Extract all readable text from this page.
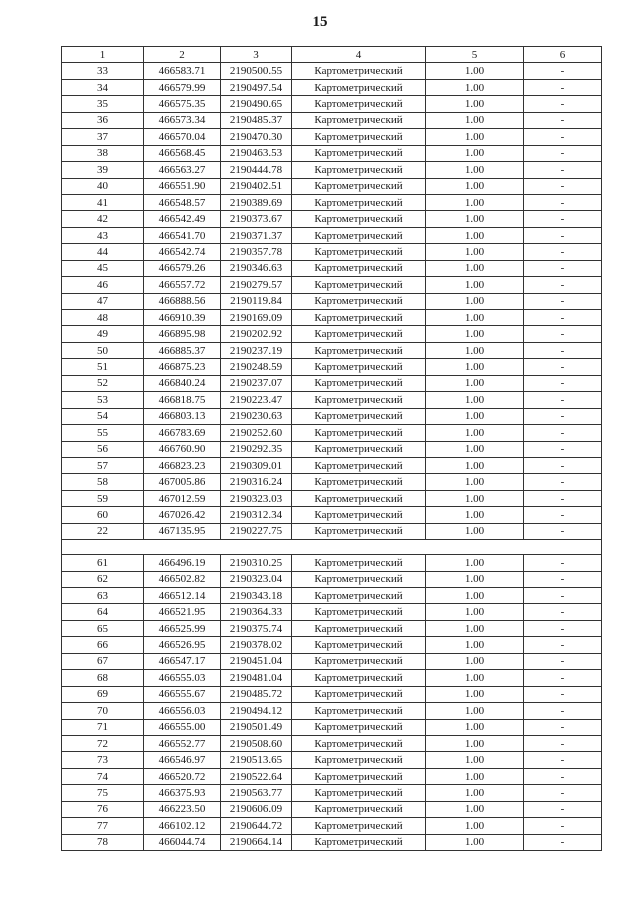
15
1	2	3	4	5	6
33	466583.71	2190500.55	Картометрический	1.00	-
34	466579.99	2190497.54	Картометрический	1.00	-
35	466575.35	2190490.65	Картометрический	1.00	-
36	466573.34	2190485.37	Картометрический	1.00	-
37	466570.04	2190470.30	Картометрический	1.00	-
38	466568.45	2190463.53	Картометрический	1.00	-
39	466563.27	2190444.78	Картометрический	1.00	-
40	466551.90	2190402.51	Картометрический	1.00	-
41	466548.57	2190389.69	Картометрический	1.00	-
42	466542.49	2190373.67	Картометрический	1.00	-
43	466541.70	2190371.37	Картометрический	1.00	-
44	466542.74	2190357.78	Картометрический	1.00	-
45	466579.26	2190346.63	Картометрический	1.00	-
46	466557.72	2190279.57	Картометрический	1.00	-
47	466888.56	2190119.84	Картометрический	1.00	-
48	466910.39	2190169.09	Картометрический	1.00	-
49	466895.98	2190202.92	Картометрический	1.00	-
50	466885.37	2190237.19	Картометрический	1.00	-
51	466875.23	2190248.59	Картометрический	1.00	-
52	466840.24	2190237.07	Картометрический	1.00	-
53	466818.75	2190223.47	Картометрический	1.00	-
54	466803.13	2190230.63	Картометрический	1.00	-
55	466783.69	2190252.60	Картометрический	1.00	-
56	466760.90	2190292.35	Картометрический	1.00	-
57	466823.23	2190309.01	Картометрический	1.00	-
58	467005.86	2190316.24	Картометрический	1.00	-
59	467012.59	2190323.03	Картометрический	1.00	-
60	467026.42	2190312.34	Картометрический	1.00	-
22	467135.95	2190227.75	Картометрический	1.00	-

61	466496.19	2190310.25	Картометрический	1.00	-
62	466502.82	2190323.04	Картометрический	1.00	-
63	466512.14	2190343.18	Картометрический	1.00	-
64	466521.95	2190364.33	Картометрический	1.00	-
65	466525.99	2190375.74	Картометрический	1.00	-
66	466526.95	2190378.02	Картометрический	1.00	-
67	466547.17	2190451.04	Картометрический	1.00	-
68	466555.03	2190481.04	Картометрический	1.00	-
69	466555.67	2190485.72	Картометрический	1.00	-
70	466556.03	2190494.12	Картометрический	1.00	-
71	466555.00	2190501.49	Картометрический	1.00	-
72	466552.77	2190508.60	Картометрический	1.00	-
73	466546.97	2190513.65	Картометрический	1.00	-
74	466520.72	2190522.64	Картометрический	1.00	-
75	466375.93	2190563.77	Картометрический	1.00	-
76	466223.50	2190606.09	Картометрический	1.00	-
77	466102.12	2190644.72	Картометрический	1.00	-
78	466044.74	2190664.14	Картометрический	1.00	-
